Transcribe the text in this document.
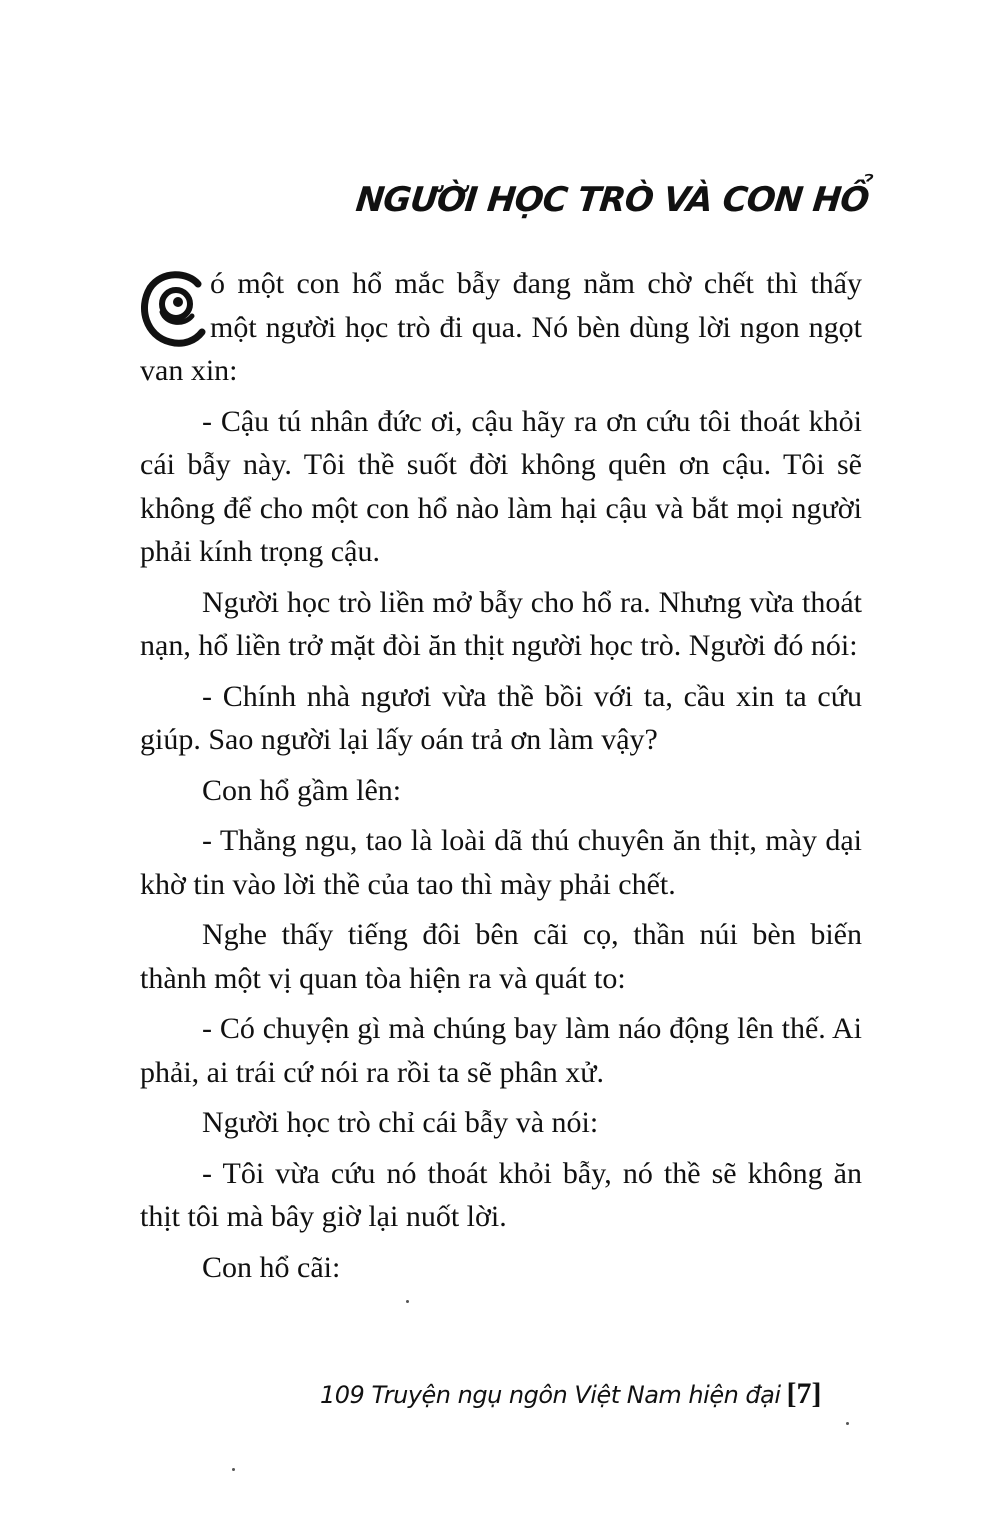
NGƯỜI HỌC TRÒ VÀ CON HỔ

ó một con hổ mắc bẫy đang nằm chờ chết thì thấy một người học trò đi qua. Nó bèn dùng lời ngon ngọt van xin:

- Cậu tú nhân đức ơi, cậu hãy ra ơn cứu tôi thoát khỏi cái bẫy này. Tôi thề suốt đời không quên ơn cậu. Tôi sẽ không để cho một con hổ nào làm hại cậu và bắt mọi người phải kính trọng cậu.

Người học trò liền mở bẫy cho hổ ra. Nhưng vừa thoát nạn, hổ liền trở mặt đòi ăn thịt người học trò. Người đó nói:

- Chính nhà ngươi vừa thề bồi với ta, cầu xin ta cứu giúp. Sao người lại lấy oán trả ơn làm vậy?

Con hổ gầm lên:

- Thằng ngu, tao là loài dã thú chuyên ăn thịt, mày dại khờ tin vào lời thề của tao thì mày phải chết.

Nghe thấy tiếng đôi bên cãi cọ, thần núi bèn biến thành một vị quan tòa hiện ra và quát to:

- Có chuyện gì mà chúng bay làm náo động lên thế. Ai phải, ai trái cứ nói ra rồi ta sẽ phân xử.

Người học trò chỉ cái bẫy và nói:

- Tôi vừa cứu nó thoát khỏi bẫy, nó thề sẽ không ăn thịt tôi mà bây giờ lại nuốt lời.

Con hổ cãi:

109 Truyện ngụ ngôn Việt Nam hiện đại [7]
